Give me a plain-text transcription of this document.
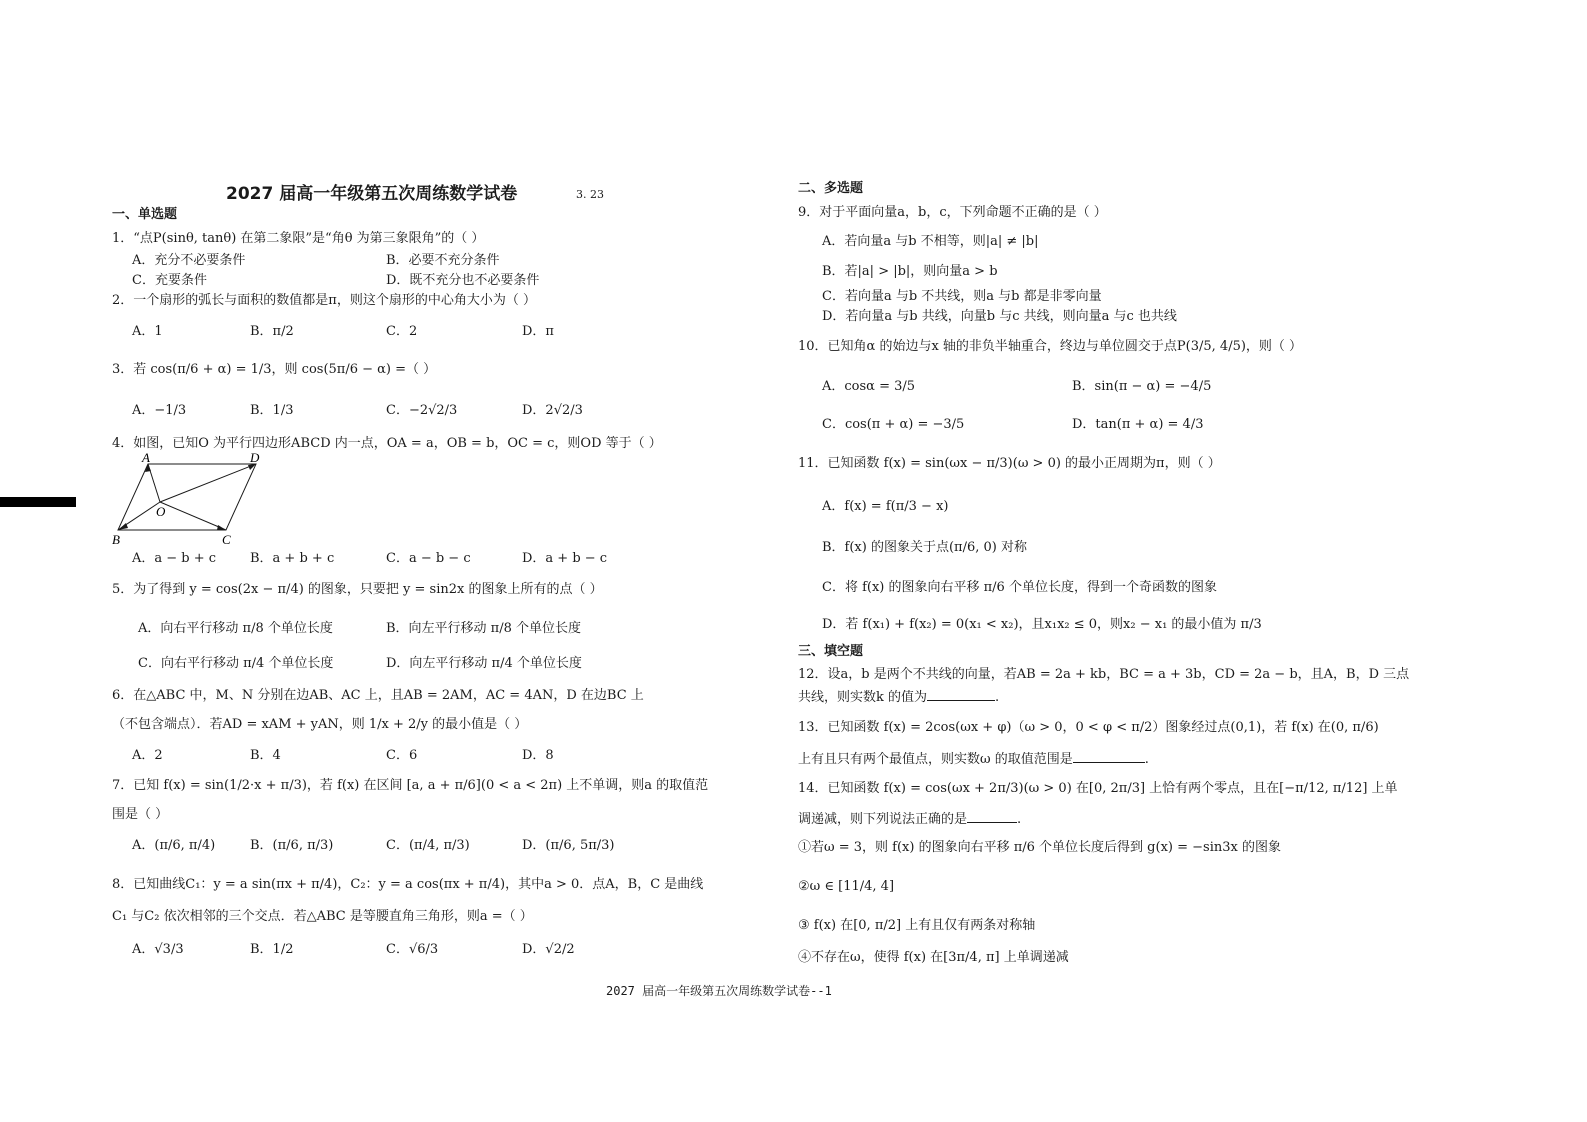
2027 届高一年级第五次周练数学试卷	3. 23
一、单选题
1．“点P(sinθ, tanθ) 在第二象限”是“角θ 为第三象限角”的（ ）
A．充分不必要条件	B．必要不充分条件
C．充要条件	D．既不充分也不必要条件
2．一个扇形的弧长与面积的数值都是π，则这个扇形的中心角大小为（ ）
A．1	B．π/2	C．2	D．π
3．若 cos(π/6 + α) = 1/3，则 cos(5π/6 − α) =（ ）
A．−1/3	B．1/3	C．−2√2/3	D．2√2/3
4．如图，已知O 为平行四边形ABCD 内一点，OA = a，OB = b，OC = c，则OD 等于（ ）
A	D
B	C
O
A．a − b + c	B．a + b + c	C．a − b − c	D．a + b − c
5．为了得到 y = cos(2x − π/4) 的图象，只要把 y = sin2x 的图象上所有的点（ ）
A．向右平行移动 π/8 个单位长度	B．向左平行移动 π/8 个单位长度
C．向右平行移动 π/4 个单位长度	D．向左平行移动 π/4 个单位长度
6．在△ABC 中，M、N 分别在边AB、AC 上，且AB = 2AM，AC = 4AN，D 在边BC 上
（不包含端点）．若AD = xAM + yAN，则 1/x + 2/y 的最小值是（ ）
A．2	B．4	C．6	D．8
7．已知 f(x) = sin(1/2·x + π/3)，若 f(x) 在区间 [a, a + π/6](0 < a < 2π) 上不单调，则a 的取值范
围是（ ）
A．(π/6, π/4)	B．(π/6, π/3)	C．(π/4, π/3)	D．(π/6, 5π/3)
8．已知曲线C₁：y = a sin(πx + π/4)，C₂：y = a cos(πx + π/4)，其中a > 0．点A，B，C 是曲线
C₁ 与C₂ 依次相邻的三个交点．若△ABC 是等腰直角三角形，则a =（ ）
A．√3/3	B．1/2	C．√6/3	D．√2/2
二、多选题
9．对于平面向量a，b，c，下列命题不正确的是（ ）
A．若向量a 与b 不相等，则|a| ≠ |b|
B．若|a| > |b|，则向量a > b
C．若向量a 与b 不共线，则a 与b 都是非零向量
D．若向量a 与b 共线，向量b 与c 共线，则向量a 与c 也共线
10．已知角α 的始边与x 轴的非负半轴重合，终边与单位圆交于点P(3/5, 4/5)，则（ ）
A．cosα = 3/5	B．sin(π − α) = −4/5
C．cos(π + α) = −3/5	D．tan(π + α) = 4/3
11．已知函数 f(x) = sin(ωx − π/3)(ω > 0) 的最小正周期为π，则（ ）
A．f(x) = f(π/3 − x)
B．f(x) 的图象关于点(π/6, 0) 对称
C．将 f(x) 的图象向右平移 π/6 个单位长度，得到一个奇函数的图象
D．若 f(x₁) + f(x₂) = 0(x₁ < x₂)，且x₁x₂ ≤ 0，则x₂ − x₁ 的最小值为 π/3
三、填空题
12．设a，b 是两个不共线的向量，若AB = 2a + kb，BC = a + 3b，CD = 2a − b，且A，B，D 三点
共线，则实数k 的值为	.
13．已知函数 f(x) = 2cos(ωx + φ)（ω > 0，0 < φ < π/2）图象经过点(0,1)，若 f(x) 在(0, π/6)
上有且只有两个最值点，则实数ω 的取值范围是	.
14．已知函数 f(x) = cos(ωx + 2π/3)(ω > 0) 在[0, 2π/3] 上恰有两个零点，且在[−π/12, π/12] 上单
调递减，则下列说法正确的是	.
①若ω = 3，则 f(x) 的图象向右平移 π/6 个单位长度后得到 g(x) = −sin3x 的图象
②ω ∈ [11/4, 4]
③ f(x) 在[0, π/2] 上有且仅有两条对称轴
④不存在ω，使得 f(x) 在[3π/4, π] 上单调递减
2027 届高一年级第五次周练数学试卷--1
